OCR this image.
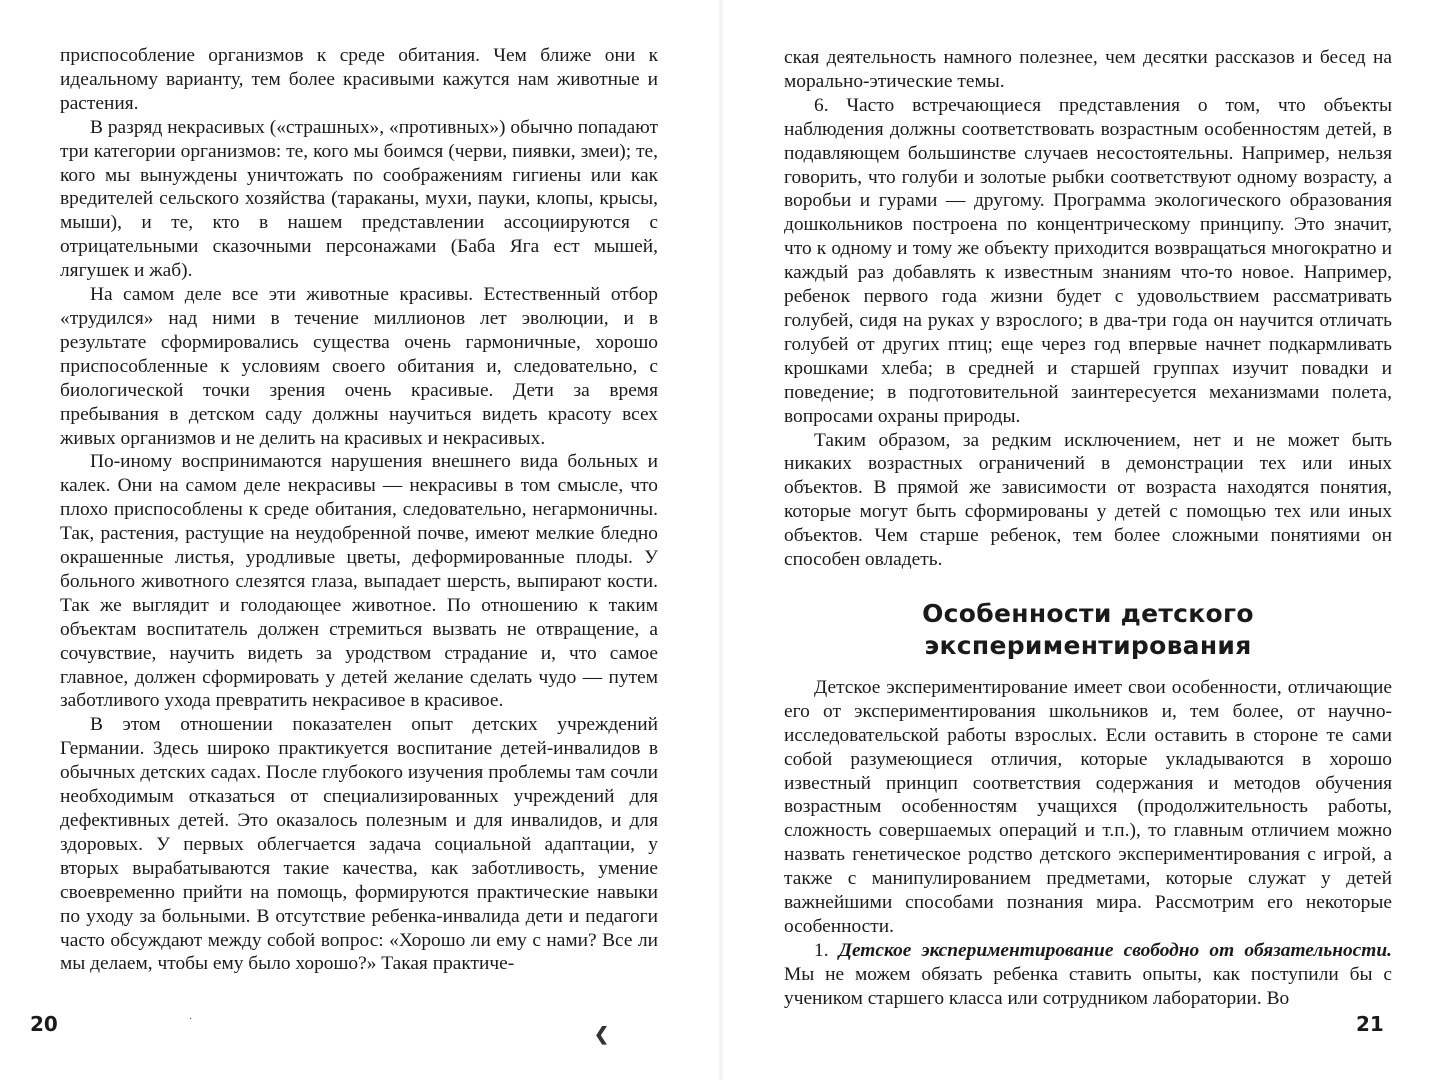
приспособление организмов к среде обитания. Чем ближе они к идеальному варианту, тем более красивыми кажутся нам животные и растения.

В разряд некрасивых («страшных», «противных») обычно попадают три категории организмов: те, кого мы боимся (черви, пиявки, змеи); те, кого мы вынуждены уничтожать по соображениям гигиены или как вредителей сельского хозяйства (тараканы, мухи, пауки, клопы, крысы, мыши), и те, кто в нашем представлении ассоциируются с отрицательными сказочными персонажами (Баба Яга ест мышей, лягушек и жаб).

На самом деле все эти животные красивы. Естественный отбор «трудился» над ними в течение миллионов лет эволюции, и в результате сформировались существа очень гармоничные, хорошо приспособленные к условиям своего обитания и, следовательно, с биологической точки зрения очень красивые. Дети за время пребывания в детском саду должны научиться видеть красоту всех живых организмов и не делить на красивых и некрасивых.

По-иному воспринимаются нарушения внешнего вида больных и калек. Они на самом деле некрасивы — некрасивы в том смысле, что плохо приспособлены к среде обитания, следовательно, негармоничны. Так, растения, растущие на неудобренной почве, имеют мелкие бледно окрашенные листья, уродливые цветы, деформированные плоды. У больного животного слезятся глаза, выпадает шерсть, выпирают кости. Так же выглядит и голодающее животное. По отношению к таким объектам воспитатель должен стремиться вызвать не отвращение, а сочувствие, научить видеть за уродством страдание и, что самое главное, должен сформировать у детей желание сделать чудо — путем заботливого ухода превратить некрасивое в красивое.

В этом отношении показателен опыт детских учреждений Германии. Здесь широко практикуется воспитание детей-инвалидов в обычных детских садах. После глубокого изучения проблемы там сочли необходимым отказаться от специализированных учреждений для дефективных детей. Это оказалось полезным и для инвалидов, и для здоровых. У первых облегчается задача социальной адаптации, у вторых вырабатываются такие качества, как заботливость, умение своевременно прийти на помощь, формируются практические навыки по уходу за больными. В отсутствие ребенка-инвалида дети и педагоги часто обсуждают между собой вопрос: «Хорошо ли ему с нами? Все ли мы делаем, чтобы ему было хорошо?» Такая практиче-

20	·
❮

ская деятельность намного полезнее, чем десятки рассказов и бесед на морально-этические темы.

6. Часто встречающиеся представления о том, что объекты наблюдения должны соответствовать возрастным особенностям детей, в подавляющем большинстве случаев несостоятельны. Например, нельзя говорить, что голуби и золотые рыбки соответствуют одному возрасту, а воробьи и гурами — другому. Программа экологического образования дошкольников построена по концентрическому принципу. Это значит, что к одному и тому же объекту приходится возвращаться многократно и каждый раз добавлять к известным знаниям что-то новое. Например, ребенок первого года жизни будет с удовольствием рассматривать голубей, сидя на руках у взрослого; в два-три года он научится отличать голубей от других птиц; еще через год впервые начнет подкармливать крошками хлеба; в средней и старшей группах изучит повадки и поведение; в подготовительной заинтересуется механизмами полета, вопросами охраны природы.

Таким образом, за редким исключением, нет и не может быть никаких возрастных ограничений в демонстрации тех или иных объектов. В прямой же зависимости от возраста находятся понятия, которые могут быть сформированы у детей с помощью тех или иных объектов. Чем старше ребенок, тем более сложными понятиями он способен овладеть.

Особенности детского
экспериментирования

Детское экспериментирование имеет свои особенности, отличающие его от экспериментирования школьников и, тем более, от научно-исследовательской работы взрослых. Если оставить в стороне те сами собой разумеющиеся отличия, которые укладываются в хорошо известный принцип соответствия содержания и методов обучения возрастным особенностям учащихся (продолжительность работы, сложность совершаемых операций и т.п.), то главным отличием можно назвать генетическое родство детского экспериментирования с игрой, а также с манипулированием предметами, которые служат у детей важнейшими способами познания мира. Рассмотрим его некоторые особенности.

1. Детское экспериментирование свободно от обязательности. Мы не можем обязать ребенка ставить опыты, как поступили бы с учеником старшего класса или сотрудником лаборатории. Во

21
